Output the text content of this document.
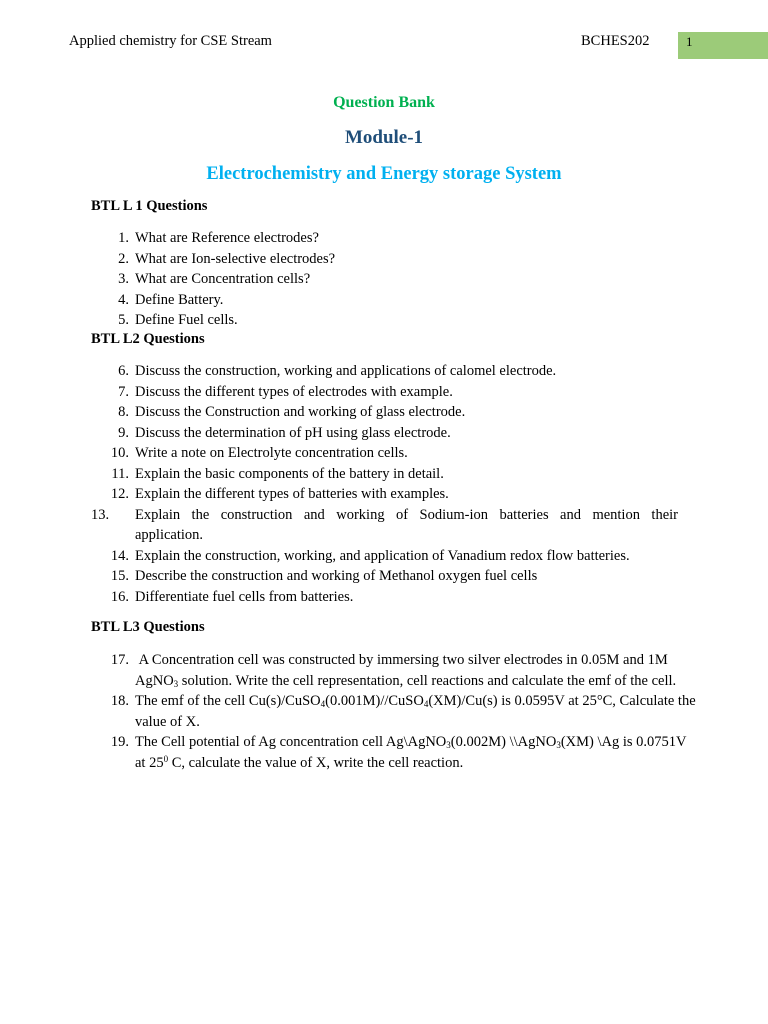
Applied chemistry for CSE Stream	BCHES202	1
Question Bank
Module-1
Electrochemistry and Energy storage System
BTL L 1 Questions
1. What are Reference electrodes?
2. What are Ion-selective electrodes?
3. What are Concentration cells?
4. Define Battery.
5. Define Fuel cells.
BTL L2 Questions
6. Discuss the construction, working and applications of calomel electrode.
7. Discuss the different types of electrodes with example.
8. Discuss the Construction and working of glass electrode.
9. Discuss the determination of pH using glass electrode.
10. Write a note on Electrolyte concentration cells.
11. Explain the basic components of the battery in detail.
12. Explain the different types of batteries with examples.
13.	Explain the construction and working of Sodium-ion batteries and mention their
application.
14. Explain the construction, working, and application of Vanadium redox flow batteries.
15. Describe the construction and working of Methanol oxygen fuel cells
16. Differentiate fuel cells from batteries.
BTL L3 Questions
17. A Concentration cell was constructed by immersing two silver electrodes in 0.05M and 1M
AgNO$_3$ solution. Write the cell representation, cell reactions and calculate the emf of the cell.
18. The emf of the cell Cu(s)/CuSO$_4$(0.001M)//CuSO$_4$(XM)/Cu(s) is 0.0595V at 25°C, Calculate the
value of X.
19. The Cell potential of Ag concentration cell Ag\AgNO$_3$(0.002M) \\AgNO$_3$(XM) \Ag is 0.0751V
at $25^0$ C, calculate the value of X, write the cell reaction.
